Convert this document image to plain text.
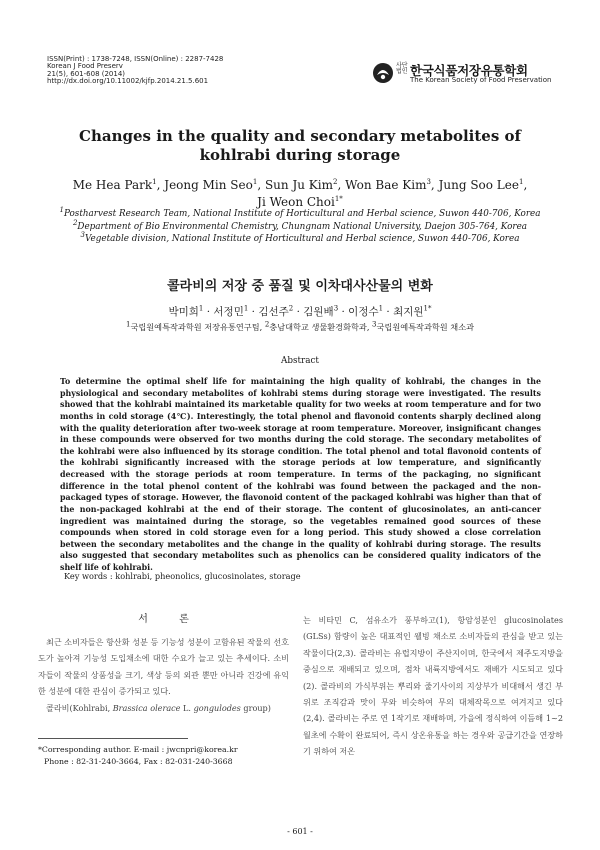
ISSN(Print) : 1738-7248, ISSN(Online) : 2287-7428
Korean J Food Preserv
21(5), 601-608 (2014)
http://dx.doi.org/10.11002/kjfp.2014.21.5.601
사단 법인 한국식품저장유통학회
The Korean Society of Food Preservation
Changes in the quality and secondary metabolites of kohlrabi during storage
Me Hea Park$^1$, Jeong Min Seo$^1$, Sun Ju Kim$^2$, Won Bae Kim$^3$, Jung Soo Lee$^1$,
Ji Weon Choi$^{1*}$
$^1$Postharvest Research Team, National Institute of Horticultural and Herbal science, Suwon 440-706, Korea
$^2$Department of Bio Environmental Chemistry, Chungnam National University, Daejon 305-764, Korea
$^3$Vegetable division, National Institute of Horticultural and Herbal science, Suwon 440-706, Korea
콜라비의 저장 중 품질 및 이차대사산물의 변화
박미희$^1$ · 서정민$^1$ · 김선주$^2$ · 김원배$^3$ · 이정수$^1$ · 최지원$^{1*}$
$^1$국립원예특작과학원 저장유통연구팀, $^2$충남대학교 생물환경화학과, $^3$국립원예특작과학원 채소과
Abstract
To determine the optimal shelf life for maintaining the high quality of kohlrabi, the changes in the physiological and secondary metabolites of kohlrabi stems during storage were investigated. The results showed that the kohlrabi maintained its marketable quality for two weeks at room temperature and for two months in cold storage (4℃). Interestingly, the total phenol and flavonoid contents sharply declined along with the quality deterioration after two-week storage at room temperature. Moreover, insignificant changes in these compounds were observed for two months during the cold storage. The secondary metabolites of the kohlrabi were also influenced by its storage condition. The total phenol and total flavonoid contents of the kohlrabi significantly increased with the storage periods at low temperature, and significantly decreased with the storage periods at room temperature. In terms of the packaging, no significant difference in the total phenol content of the kohlrabi was found between the packaged and the non-packaged types of storage. However, the flavonoid content of the packaged kohlrabi was higher than that of the non-packaged kohlrabi at the end of their storage. The content of glucosinolates, an anti-cancer ingredient was maintained during the storage, so the vegetables remained good sources of these compounds when stored in cold storage even for a long period. This study showed a close correlation between the secondary metabolites and the change in the quality of kohlrabi during storage. The results also suggested that secondary metabolites such as phenolics can be considered quality indicators of the shelf life of kohlrabi.
Key words : kohlrabi, pheonolics, glucosinolates, storage
서 론

최근 소비자들은 항산화 성분 등 기능성 성분이 고함유된 작물의 선호도가 높아져 기능성 도입채소에 대한 수요가 늘고 있는 추세이다. 소비자들이 작물의 상품성을 크기, 색상 등의 외관 뿐만 아니라 건강에 유익한 성분에 대한 관심이 증가되고 있다.

콜라비(Kohlrabi, Brassica olerace L. gongulodes group)

*Corresponding author. E-mail : jwcnpri@korea.kr
Phone : 82-31-240-3664, Fax : 82-031-240-3668

는 비타민 C, 섬유소가 풍부하고(1), 항암성분인 glucosinolates (GLSs) 함량이 높은 대표적인 웰빙 채소로 소비자들의 관심을 받고 있는 작물이다(2,3). 콜라비는 유럽지방이 주산지이며, 한국에서 제주도지방을 중심으로 재배되고 있으며, 점차 내륙지방에서도 재배가 시도되고 있다(2). 콜라비의 가식부위는 뿌리와 줄기사이의 지상부가 비대해서 생긴 부위로 조직감과 맛이 무와 비슷하여 무의 대체작목으로 여겨지고 있다(2,4). 콜라비는 주로 연 1작기로 재배하며, 가을에 정식하여 이듬해 1~2월초에 수확이 완료되어, 즉시 상온유통을 하는 경우와 공급기간을 연장하기 위하여 저온

- 601 -
